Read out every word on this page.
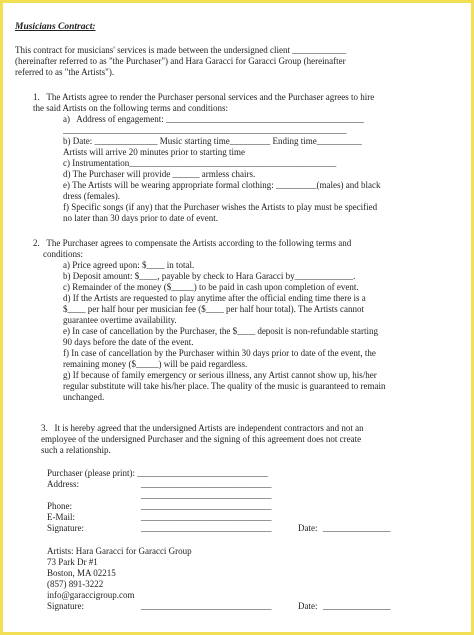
Musicians Contract:
This contract for musicians' services is made between the undersigned client ____________
(hereinafter referred to as "the Purchaser") and Hara Garacci for Garacci Group (hereinafter
referred to as "the Artists").
1.   The Artists agree to render the Purchaser personal services and the Purchaser agrees to hire
the said Artists on the following terms and conditions:
a)   Address of engagement: ____________________________________________
_______________________________________________________________
b) Date: ______________ Music starting time_________ Ending time__________
Artists will arrive 20 minutes prior to starting time
c) Instrumentation______________________________________________
d) The Purchaser will provide ______ armless chairs.
e) The Artists will be wearing appropriate formal clothing: _________(males) and black
dress (females).
f) Specific songs (if any) that the Purchaser wishes the Artists to play must be specified
no later than 30 days prior to date of event.
2.   The Purchaser agrees to compensate the Artists according to the following terms and
conditions:
a) Price agreed upon: $____ in total.
b) Deposit amount: $____, payable by check to Hara Garacci by_____________.
c) Remainder of the money ($_____) to be paid in cash upon completion of event.
d) If the Artists are requested to play anytime after the official ending time there is a
$____ per half hour per musician fee ($____ per half hour total). The Artists cannot
guarantee overtime availability.
e) In case of cancellation by the Purchaser, the $____ deposit is non-refundable starting
90 days before the date of the event.
f) In case of cancellation by the Purchaser within 30 days prior to date of the event, the
remaining money ($_____) will be paid regardless.
g) If because of family emergency or serious illness, any Artist cannot show up, his/her
regular substitute will take his/her place. The quality of the music is guaranteed to remain
unchanged.
3.   It is hereby agreed that the undersigned Artists are independent contractors and not an
employee of the undersigned Purchaser and the signing of this agreement does not create
such a relationship.
Purchaser (please print): _____________________________
Address:	_____________________________
_____________________________
Phone:	_____________________________
E-Mail:	_____________________________
Signature:	_____________________________	Date: _______________
Artists: Hara Garacci for Garacci Group
73 Park Dr #1
Boston, MA 02215
(857) 891-3222
info@garaccigroup.com
Signature:	_____________________________	Date: _______________
